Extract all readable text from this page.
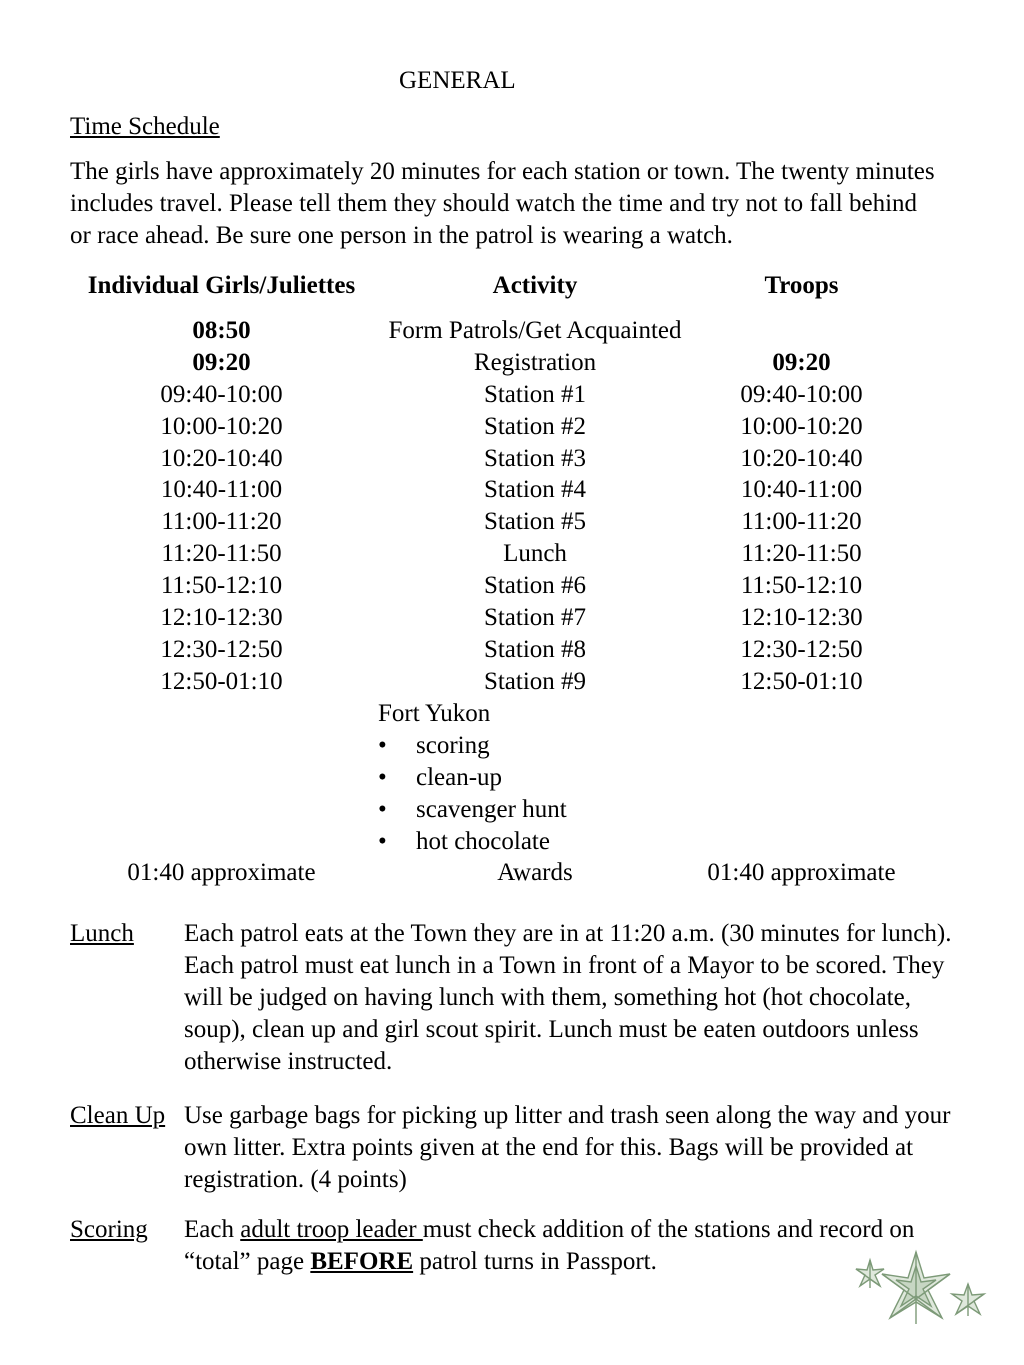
GENERAL
Time Schedule

The girls have approximately 20 minutes for each station or town. The twenty minutes includes travel. Please tell them they should watch the time and try not to fall behind or race ahead. Be sure one person in the patrol is wearing a watch.

Individual Girls/Juliettes	Activity	Troops
08:50	Form Patrols/Get Acquainted
09:20	Registration	09:20
09:40-10:00	Station #1	09:40-10:00
10:00-10:20	Station #2	10:00-10:20
10:20-10:40	Station #3	10:20-10:40
10:40-11:00	Station #4	10:40-11:00
11:00-11:20	Station #5	11:00-11:20
11:20-11:50	Lunch	11:20-11:50
11:50-12:10	Station #6	11:50-12:10
12:10-12:30	Station #7	12:10-12:30
12:30-12:50	Station #8	12:30-12:50
12:50-01:10	Station #9	12:50-01:10
Fort Yukon
• scoring
• clean-up
• scavenger hunt
• hot chocolate
01:40 approximate	Awards	01:40 approximate
Lunch Each patrol eats at the Town they are in at 11:20 a.m. (30 minutes for lunch). Each patrol must eat lunch in a Town in front of a Mayor to be scored. They will be judged on having lunch with them, something hot (hot chocolate, soup), clean up and girl scout spirit. Lunch must be eaten outdoors unless otherwise instructed.
Clean Up Use garbage bags for picking up litter and trash seen along the way and your own litter. Extra points given at the end for this. Bags will be provided at registration. (4 points)
Scoring Each adult troop leader must check addition of the stations and record on “total” page BEFORE patrol turns in Passport.
